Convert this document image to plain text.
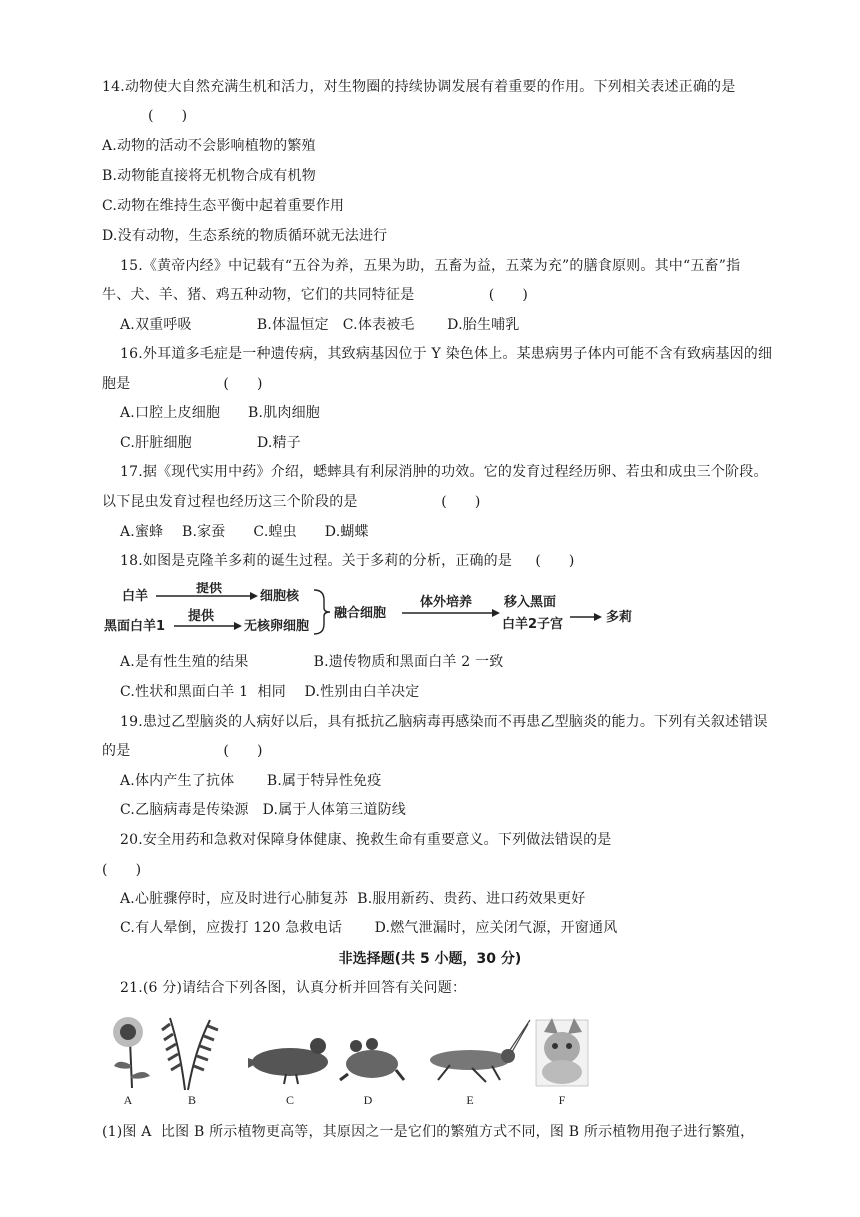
14.动物使大自然充满生机和活力，对生物圈的持续协调发展有着重要的作用。下列相关表述正确的是
(      )
A.动物的活动不会影响植物的繁殖
B.动物能直接将无机物合成有机物
C.动物在维持生态平衡中起着重要作用
D.没有动物，生态系统的物质循环就无法进行
15.《黄帝内经》中记载有“五谷为养，五果为助，五畜为益，五菜为充”的膳食原则。其中“五畜”指
牛、犬、羊、猪、鸡五种动物，它们的共同特征是                (      )
A.双重呼吸              B.体温恒定   C.体表被毛       D.胎生哺乳
16.外耳道多毛症是一种遗传病，其致病基因位于 Y 染色体上。某患病男子体内可能不含有致病基因的细
胞是                    (      )
A.口腔上皮细胞      B.肌肉细胞
C.肝脏细胞              D.精子
17.据《现代实用中药》介绍，蟋蟀具有利尿消肿的功效。它的发育过程经历卵、若虫和成虫三个阶段。
以下昆虫发育过程也经历这三个阶段的是                  (      )
A.蜜蜂    B.家蚕      C.蝗虫      D.蝴蝶
18.如图是克隆羊多莉的诞生过程。关于多莉的分析，正确的是     (      )
白羊
提供
细胞核
黑面白羊1
提供
无核卵细胞
融合细胞
体外培养 移入黑面
白羊2子宫	多莉
A.是有性生殖的结果              B.遗传物质和黑面白羊 2 一致
C.性状和黑面白羊 1  相同    D.性别由白羊决定
19.患过乙型脑炎的人病好以后，具有抵抗乙脑病毒再感染而不再患乙型脑炎的能力。下列有关叙述错误
的是                    (      )
A.体内产生了抗体       B.属于特异性免疫
C.乙脑病毒是传染源   D.属于人体第三道防线
20.安全用药和急救对保障身体健康、挽救生命有重要意义。下列做法错误的是
(      )
A.心脏骤停时，应及时进行心肺复苏  B.服用新药、贵药、进口药效果更好
C.有人晕倒，应拨打 120 急救电话       D.燃气泄漏时，应关闭气源，开窗通风
非选择题(共 5 小题，30 分)
21.(6 分)请结合下列各图，认真分析并回答有关问题：
A	B	C	D	E	F
(1)图 A  比图 B 所示植物更高等，其原因之一是它们的繁殖方式不同，图 B 所示植物用孢子进行繁殖，
